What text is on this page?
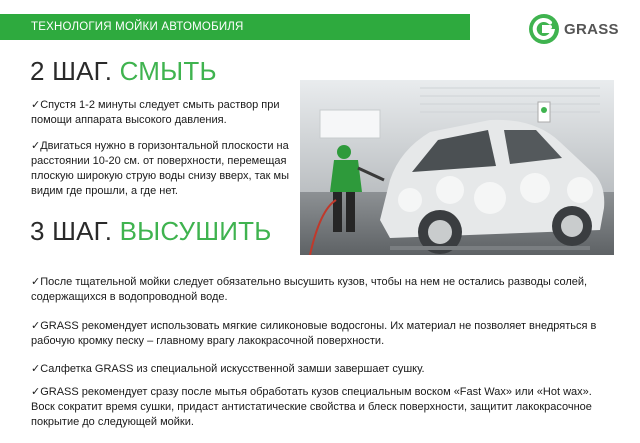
ТЕХНОЛОГИЯ МОЙКИ АВТОМОБИЛЯ	GRASS
2 ШАГ. СМЫТЬ

✓Спустя 1-2 минуты следует смыть раствор при помощи аппарата высокого давления.

✓Двигаться нужно в горизонтальной плоскости на расстоянии 10-20 см. от поверхности, перемещая плоскую широкую струю воды снизу вверх, так мы видим где прошли, а где нет.

3 ШАГ. ВЫСУШИТЬ

✓После тщательной мойки следует обязательно высушить кузов, чтобы на нем не остались разводы солей, содержащихся в водопроводной воде.

✓GRASS рекомендует использовать мягкие силиконовые водосгоны. Их материал не позволяет внедряться в рабочую кромку песку – главному врагу лакокрасочной поверхности.

✓Салфетка GRASS из специальной искусственной замши завершает сушку.

✓GRASS рекомендует сразу после мытья обработать кузов специальным воском «Fast Wax» или «Hot wax». Воск сократит время сушки, придаст антистатические свойства и блеск поверхности, защитит лакокрасочное покрытие до следующей мойки.
